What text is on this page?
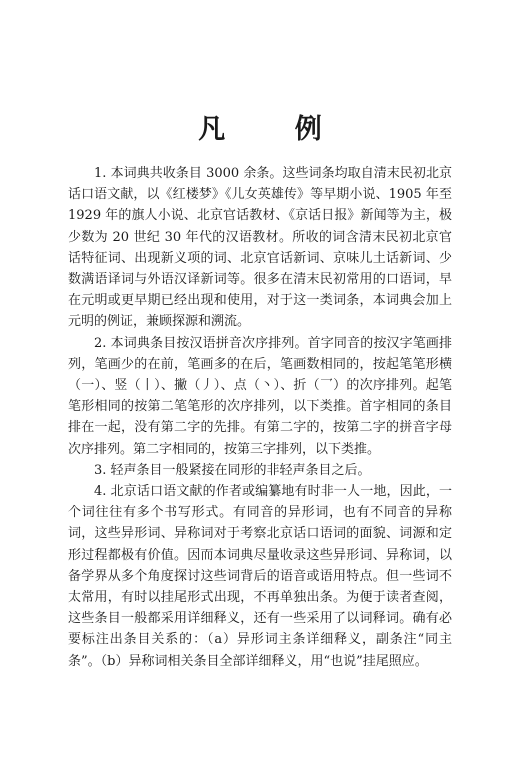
凡 例

1. 本词典共收条目 3000 余条。这些词条均取自清末民初北京话口语文献，以《红楼梦》《儿女英雄传》等早期小说、1905 年至 1929 年的旗人小说、北京官话教材、《京话日报》新闻等为主，极少数为 20 世纪 30 年代的汉语教材。所收的词含清末民初北京官话特征词、出现新义项的词、北京官话新词、京味儿土话新词、少数满语译词与外语汉译新词等。很多在清末民初常用的口语词，早在元明或更早期已经出现和使用，对于这一类词条，本词典会加上元明的例证，兼顾探源和溯流。

2. 本词典条目按汉语拼音次序排列。首字同音的按汉字笔画排列，笔画少的在前，笔画多的在后，笔画数相同的，按起笔笔形横（一）、竖（丨）、撇（丿）、点（丶）、折（乛）的次序排列。起笔笔形相同的按第二笔笔形的次序排列，以下类推。首字相同的条目排在一起，没有第二字的先排。有第二字的，按第二字的拼音字母次序排列。第二字相同的，按第三字排列，以下类推。

3. 轻声条目一般紧接在同形的非轻声条目之后。

4. 北京话口语文献的作者或编纂地有时非一人一地，因此，一个词往往有多个书写形式。有同音的异形词，也有不同音的异称词，这些异形词、异称词对于考察北京话口语词的面貌、词源和定形过程都极有价值。因而本词典尽量收录这些异形词、异称词，以备学界从多个角度探讨这些词背后的语音或语用特点。但一些词不太常用，有时以挂尾形式出现，不再单独出条。为便于读者查阅，这些条目一般都采用详细释义，还有一些采用了以词释词。确有必要标注出条目关系的：（a）异形词主条详细释义，副条注“同主条”。（b）异称词相关条目全部详细释义，用“也说”挂尾照应。
